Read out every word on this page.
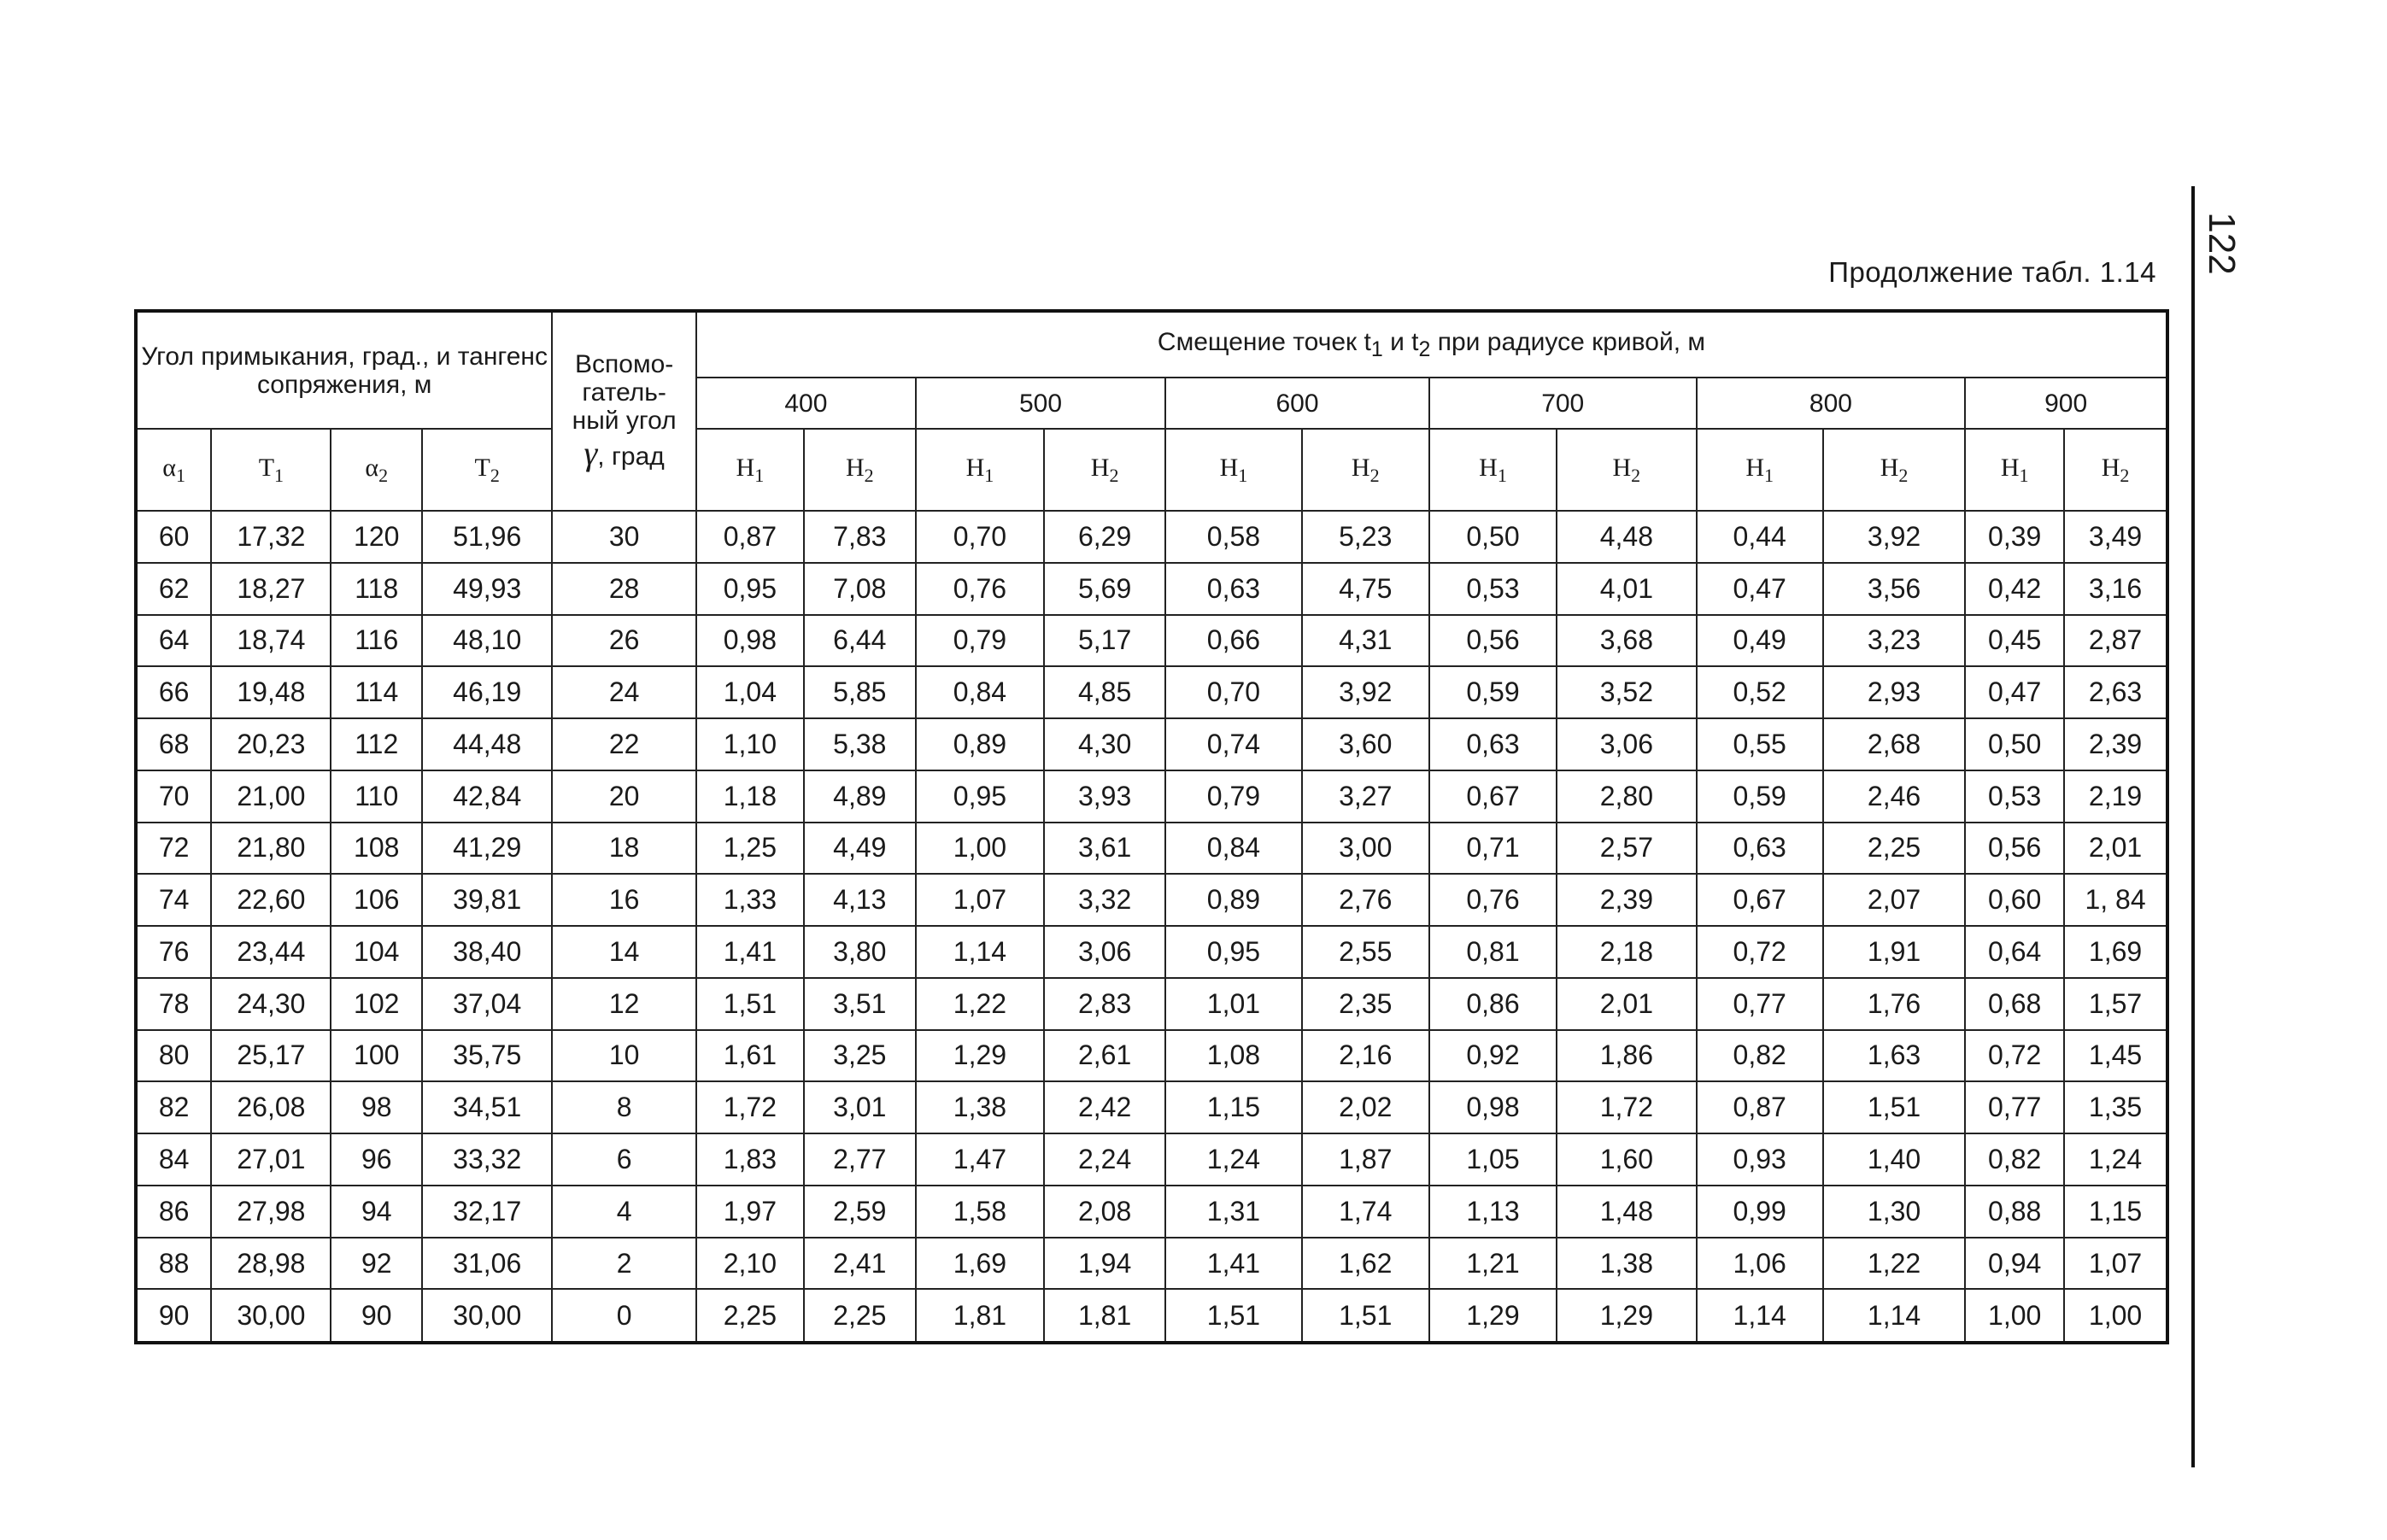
122
Продолжение табл. 1.14
Угол примыкания, град., и тангенс сопряжения, м				Вспомо-
гатель-
ный угол
γ, град	Смещение точек $t_1$ и $t_2$ при радиусе кривой, м											
					400		500		600		700		800		900	
$\alpha_1$	$T_1$	$\alpha_2$	$T_2$		$H_1$	$H_2$	$H_1$	$H_2$	$H_1$	$H_2$	$H_1$	$H_2$	$H_1$	$H_2$	$H_1$	$H_2$
60	17,32	120	51,96	30	0,87	7,83	0,70	6,29	0,58	5,23	0,50	4,48	0,44	3,92	0,39	3,49
62	18,27	118	49,93	28	0,95	7,08	0,76	5,69	0,63	4,75	0,53	4,01	0,47	3,56	0,42	3,16
64	18,74	116	48,10	26	0,98	6,44	0,79	5,17	0,66	4,31	0,56	3,68	0,49	3,23	0,45	2,87
66	19,48	114	46,19	24	1,04	5,85	0,84	4,85	0,70	3,92	0,59	3,52	0,52	2,93	0,47	2,63
68	20,23	112	44,48	22	1,10	5,38	0,89	4,30	0,74	3,60	0,63	3,06	0,55	2,68	0,50	2,39
70	21,00	110	42,84	20	1,18	4,89	0,95	3,93	0,79	3,27	0,67	2,80	0,59	2,46	0,53	2,19
72	21,80	108	41,29	18	1,25	4,49	1,00	3,61	0,84	3,00	0,71	2,57	0,63	2,25	0,56	2,01
74	22,60	106	39,81	16	1,33	4,13	1,07	3,32	0,89	2,76	0,76	2,39	0,67	2,07	0,60	1, 84
76	23,44	104	38,40	14	1,41	3,80	1,14	3,06	0,95	2,55	0,81	2,18	0,72	1,91	0,64	1,69
78	24,30	102	37,04	12	1,51	3,51	1,22	2,83	1,01	2,35	0,86	2,01	0,77	1,76	0,68	1,57
80	25,17	100	35,75	10	1,61	3,25	1,29	2,61	1,08	2,16	0,92	1,86	0,82	1,63	0,72	1,45
82	26,08	98	34,51	8	1,72	3,01	1,38	2,42	1,15	2,02	0,98	1,72	0,87	1,51	0,77	1,35
84	27,01	96	33,32	6	1,83	2,77	1,47	2,24	1,24	1,87	1,05	1,60	0,93	1,40	0,82	1,24
86	27,98	94	32,17	4	1,97	2,59	1,58	2,08	1,31	1,74	1,13	1,48	0,99	1,30	0,88	1,15
88	28,98	92	31,06	2	2,10	2,41	1,69	1,94	1,41	1,62	1,21	1,38	1,06	1,22	0,94	1,07
90	30,00	90	30,00	0	2,25	2,25	1,81	1,81	1,51	1,51	1,29	1,29	1,14	1,14	1,00	1,00
